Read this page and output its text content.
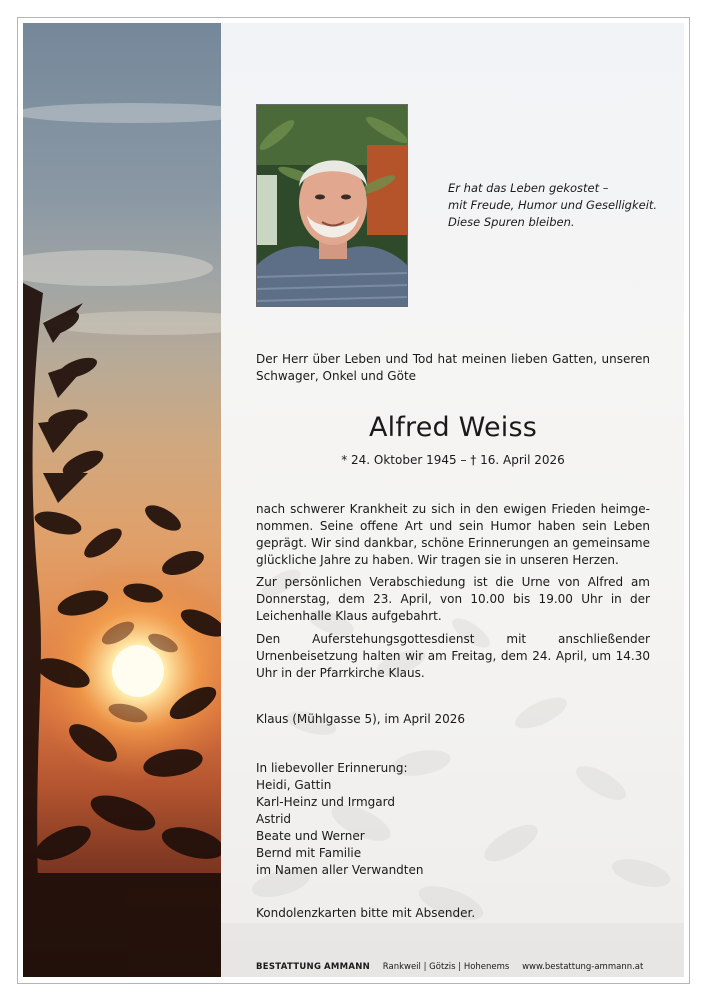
Er hat das Leben gekostet –
mit Freude, Humor und Geselligkeit.
Diese Spuren bleiben.
Der Herr über Leben und Tod hat meinen lieben Gatten, unseren Schwager, Onkel und Göte
Alfred Weiss
* 24. Oktober 1945 – † 16. April 2026
nach schwerer Krankheit zu sich in den ewigen Frieden heimgenommen. Seine offene Art und sein Humor haben sein Leben geprägt. Wir sind dankbar, schöne Erinnerungen an gemeinsame glückliche Jahre zu haben. Wir tragen sie in unseren Herzen.
Zur persönlichen Verabschiedung ist die Urne von Alfred am Donnerstag, dem 23. April, von 10.00 bis 19.00 Uhr in der Leichenhalle Klaus aufgebahrt.
Den Auferstehungsgottesdienst mit anschließender Urnenbeisetzung halten wir am Freitag, dem 24. April, um 14.30 Uhr in der Pfarrkirche Klaus.
Klaus (Mühlgasse 5), im April 2026
In liebevoller Erinnerung:
Heidi, Gattin
Karl-Heinz und Irmgard
Astrid
Beate und Werner
Bernd mit Familie
im Namen aller Verwandten
Kondolenzkarten bitte mit Absender.
BESTATTUNG AMMANN Rankweil | Götzis | Hohenems www.bestattung-ammann.at
